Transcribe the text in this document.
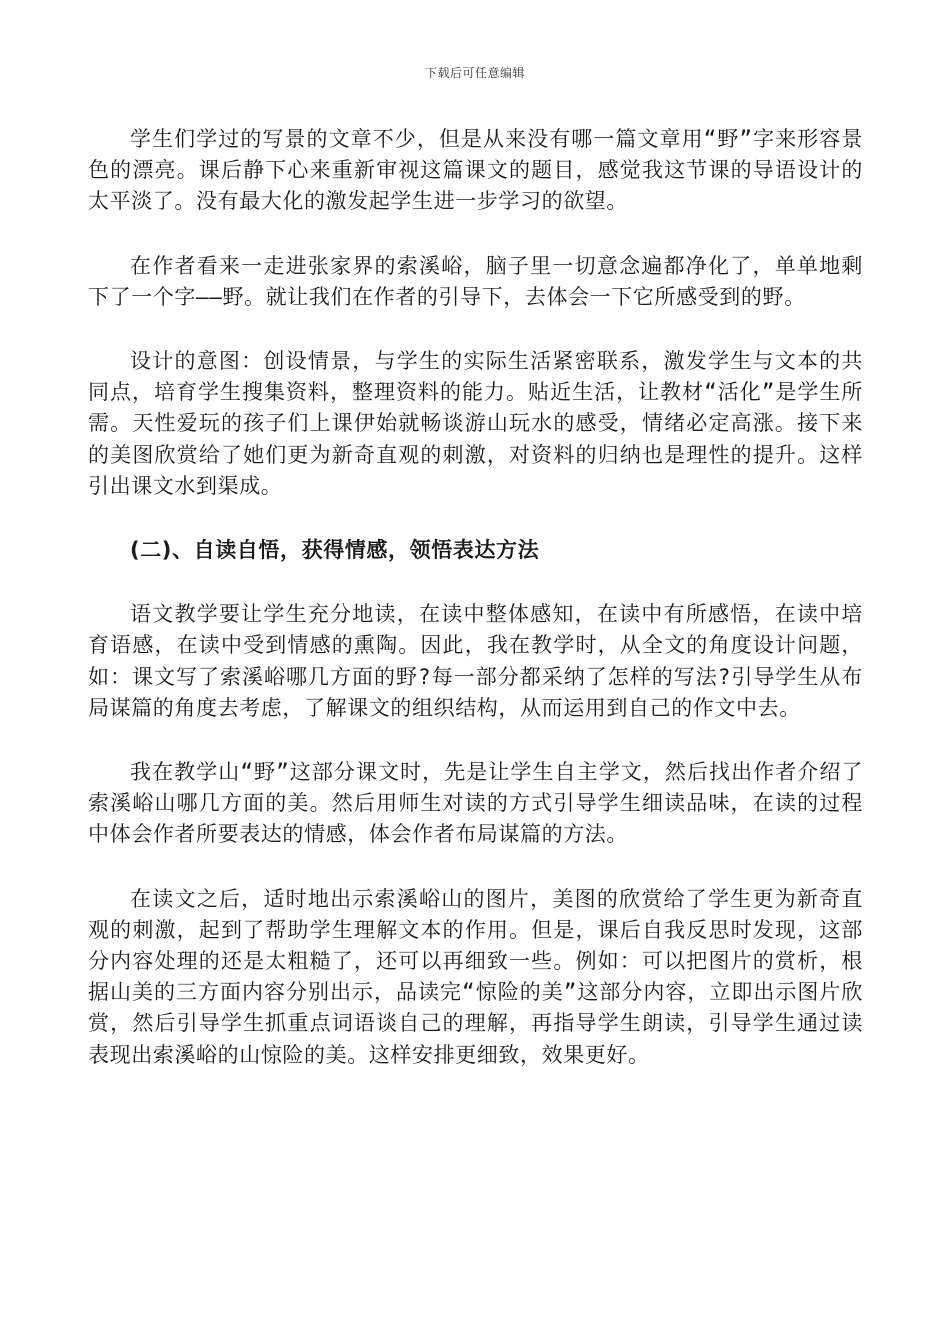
下载后可任意编辑

学生们学过的写景的文章不少，但是从来没有哪一篇文章用“野”字来形容景色的漂亮。课后静下心来重新审视这篇课文的题目，感觉我这节课的导语设计的太平淡了。没有最大化的激发起学生进一步学习的欲望。

在作者看来一走进张家界的索溪峪，脑子里一切意念遍都净化了，单单地剩下了一个字——野。就让我们在作者的引导下，去体会一下它所感受到的野。

设计的意图：创设情景，与学生的实际生活紧密联系，激发学生与文本的共同点，培育学生搜集资料，整理资料的能力。贴近生活，让教材“活化”是学生所需。天性爱玩的孩子们上课伊始就畅谈游山玩水的感受，情绪必定高涨。接下来的美图欣赏给了她们更为新奇直观的刺激，对资料的归纳也是理性的提升。这样引出课文水到渠成。

(二)、自读自悟，获得情感，领悟表达方法

语文教学要让学生充分地读，在读中整体感知，在读中有所感悟，在读中培育语感，在读中受到情感的熏陶。因此，我在教学时，从全文的角度设计问题，如：课文写了索溪峪哪几方面的野?每一部分都采纳了怎样的写法?引导学生从布局谋篇的角度去考虑，了解课文的组织结构，从而运用到自己的作文中去。

我在教学山“野”这部分课文时，先是让学生自主学文，然后找出作者介绍了索溪峪山哪几方面的美。然后用师生对读的方式引导学生细读品味，在读的过程中体会作者所要表达的情感，体会作者布局谋篇的方法。

在读文之后，适时地出示索溪峪山的图片，美图的欣赏给了学生更为新奇直观的刺激，起到了帮助学生理解文本的作用。但是，课后自我反思时发现，这部分内容处理的还是太粗糙了，还可以再细致一些。例如：可以把图片的赏析，根据山美的三方面内容分别出示，品读完“惊险的美”这部分内容，立即出示图片欣赏，然后引导学生抓重点词语谈自己的理解，再指导学生朗读，引导学生通过读表现出索溪峪的山惊险的美。这样安排更细致，效果更好。
